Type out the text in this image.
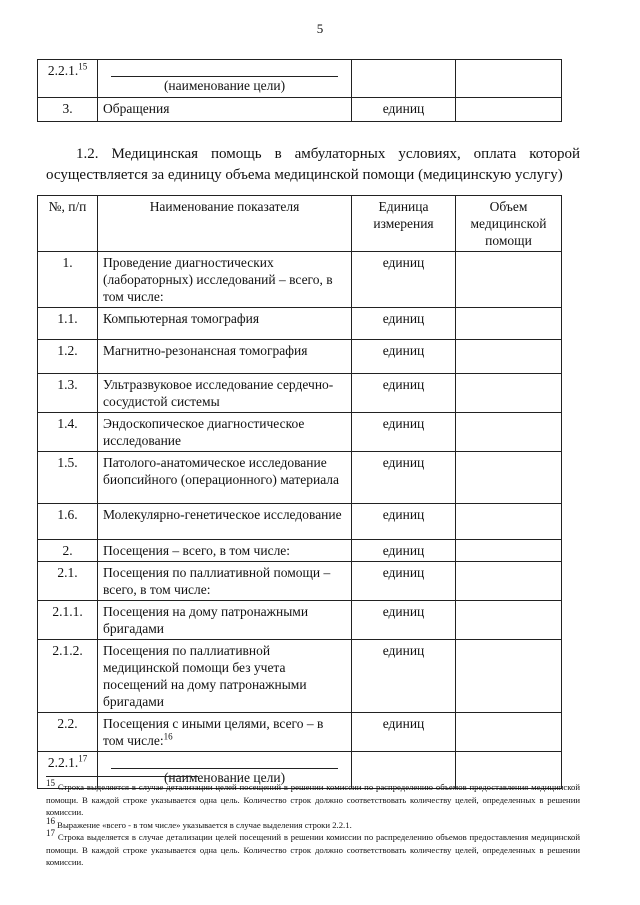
5
2.2.1.15	(наименование цели)		

3.	Обращения	единиц	
1.2. Медицинская помощь в амбулаторных условиях, оплата которой осуществляется за единицу объема медицинской помощи (медицинскую услугу)
№, п/п	Наименование показателя	Единица измерения	Объем медицинской помощи
1.	Проведение диагностических (лабораторных) исследований – всего, в том числе:	единиц	
1.1.	Компьютерная томография	единиц	
1.2.	Магнитно-резонансная томография	единиц	
1.3.	Ультразвуковое исследование сердечно-сосудистой системы	единиц	
1.4.	Эндоскопическое диагностическое исследование	единиц	
1.5.	Патолого-анатомическое исследование биопсийного (операционного) материала	единиц	
1.6.	Молекулярно-генетическое исследование	единиц	
2.	Посещения – всего, в том числе:	единиц	
2.1.	Посещения по паллиативной помощи – всего, в том числе:	единиц	
2.1.1.	Посещения на дому патронажными бригадами	единиц	
2.1.2.	Посещения по паллиативной медицинской помощи без учета посещений на дому патронажными бригадами	единиц	
2.2.	Посещения с иными целями, всего – в том числе:$^{16}$	единиц	
2.2.1.17	(наименование цели)		

15 Строка выделяется в случае детализации целей посещений в решении комиссии по распределению объемов предоставления медицинской помощи. В каждой строке указывается одна цель. Количество строк должно соответствовать количеству целей, определенных в решении комиссии.

16 Выражение «всего - в том числе» указывается в случае выделения строки 2.2.1.

17 Строка выделяется в случае детализации целей посещений в решении комиссии по распределению объемов предоставления медицинской помощи. В каждой строке указывается одна цель. Количество строк должно соответствовать количеству целей, определенных в решении комиссии.
